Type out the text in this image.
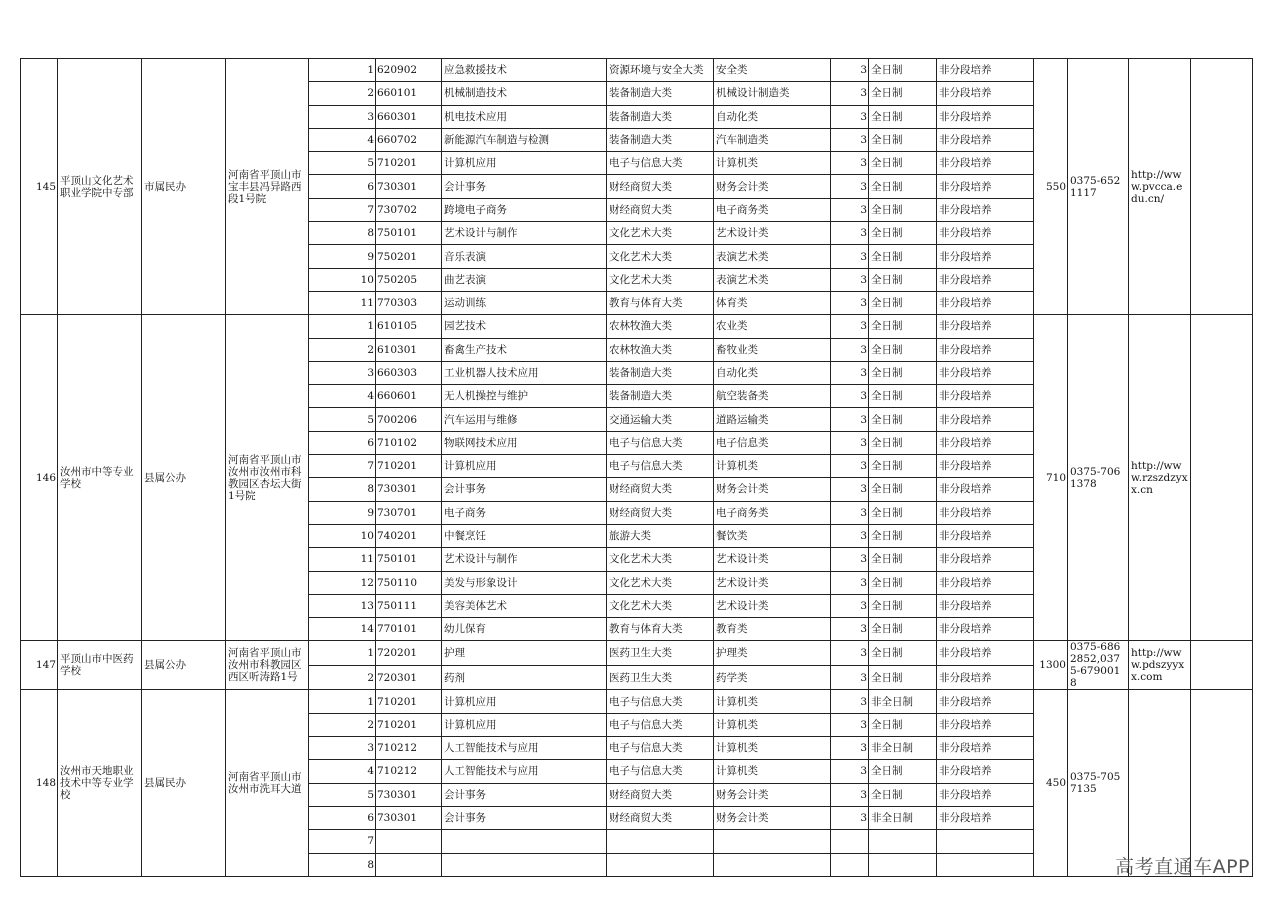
145	平顶山文化艺术职业学院中专部	市属民办	河南省平顶山市宝丰县冯异路西段1号院	1	620902	应急救援技术	资源环境与安全大类	安全类	3	全日制	非分段培养	550	0375-6521117	http://www.pvcca.edu.cn/	
				2	660101	机械制造技术	装备制造大类	机械设计制造类	3	全日制	非分段培养				
				3	660301	机电技术应用	装备制造大类	自动化类	3	全日制	非分段培养				
				4	660702	新能源汽车制造与检测	装备制造大类	汽车制造类	3	全日制	非分段培养				
				5	710201	计算机应用	电子与信息大类	计算机类	3	全日制	非分段培养				
				6	730301	会计事务	财经商贸大类	财务会计类	3	全日制	非分段培养				
				7	730702	跨境电子商务	财经商贸大类	电子商务类	3	全日制	非分段培养				
				8	750101	艺术设计与制作	文化艺术大类	艺术设计类	3	全日制	非分段培养				
				9	750201	音乐表演	文化艺术大类	表演艺术类	3	全日制	非分段培养				
				10	750205	曲艺表演	文化艺术大类	表演艺术类	3	全日制	非分段培养				
				11	770303	运动训练	教育与体育大类	体育类	3	全日制	非分段培养				
146	汝州市中等专业学校	县属公办	河南省平顶山市汝州市汝州市科教园区杏坛大街1号院	1	610105	园艺技术	农林牧渔大类	农业类	3	全日制	非分段培养	710	0375-7061378	http://www.rzszdzyxx.cn	
				2	610301	畜禽生产技术	农林牧渔大类	畜牧业类	3	全日制	非分段培养				
				3	660303	工业机器人技术应用	装备制造大类	自动化类	3	全日制	非分段培养				
				4	660601	无人机操控与维护	装备制造大类	航空装备类	3	全日制	非分段培养				
				5	700206	汽车运用与维修	交通运输大类	道路运输类	3	全日制	非分段培养				
				6	710102	物联网技术应用	电子与信息大类	电子信息类	3	全日制	非分段培养				
				7	710201	计算机应用	电子与信息大类	计算机类	3	全日制	非分段培养				
				8	730301	会计事务	财经商贸大类	财务会计类	3	全日制	非分段培养				
				9	730701	电子商务	财经商贸大类	电子商务类	3	全日制	非分段培养				
				10	740201	中餐烹饪	旅游大类	餐饮类	3	全日制	非分段培养				
				11	750101	艺术设计与制作	文化艺术大类	艺术设计类	3	全日制	非分段培养				
				12	750110	美发与形象设计	文化艺术大类	艺术设计类	3	全日制	非分段培养				
				13	750111	美容美体艺术	文化艺术大类	艺术设计类	3	全日制	非分段培养				
				14	770101	幼儿保育	教育与体育大类	教育类	3	全日制	非分段培养				
147	平顶山市中医药学校	县属公办	河南省平顶山市汝州市科教园区西区听涛路1号	1	720201	护理	医药卫生大类	护理类	3	全日制	非分段培养	1300	0375-6862852,0375-6790018	http://www.pdszyyxx.com	
				2	720301	药剂	医药卫生大类	药学类	3	全日制	非分段培养				
148	汝州市天地职业技术中等专业学校	县属民办	河南省平顶山市汝州市洗耳大道	1	710201	计算机应用	电子与信息大类	计算机类	3	非全日制	非分段培养	450	0375-7057135		
				2	710201	计算机应用	电子与信息大类	计算机类	3	全日制	非分段培养				
				3	710212	人工智能技术与应用	电子与信息大类	计算机类	3	非全日制	非分段培养				
				4	710212	人工智能技术与应用	电子与信息大类	计算机类	3	全日制	非分段培养				
				5	730301	会计事务	财经商贸大类	财务会计类	3	全日制	非分段培养				
				6	730301	会计事务	财经商贸大类	财务会计类	3	非全日制	非分段培养				
				7											
				8												高考直通车APP
